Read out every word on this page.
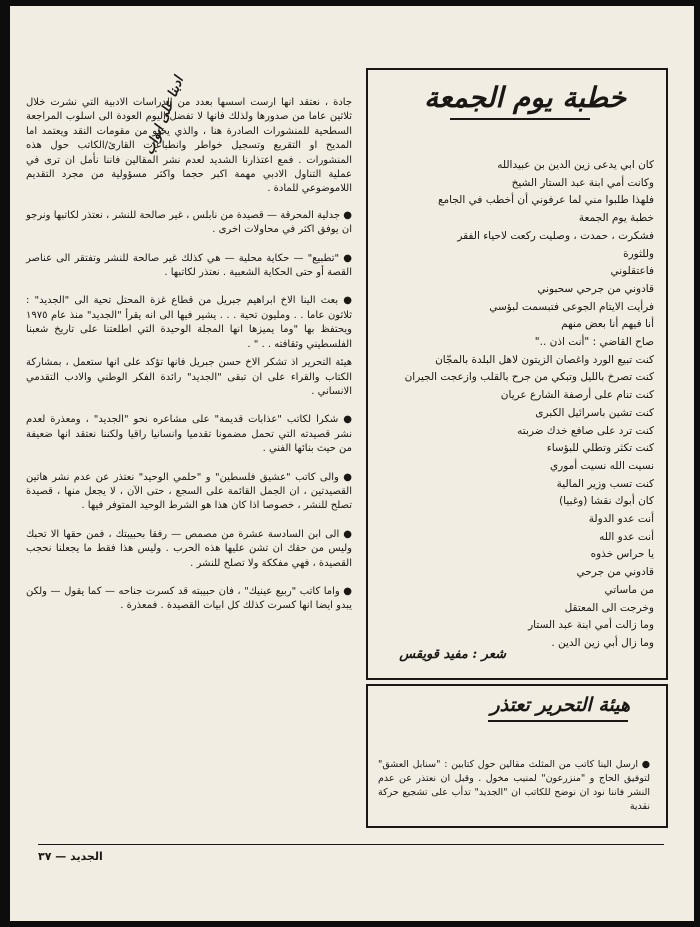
خطبة يوم الجمعة
كان ابي يدعى زين الدين بن عبيدالله
وكانت أمي ابنة عبد الستار الشيخ
فلهذا طلبوا مني لما عرفوني أن أخطب في الجامع
خطبة يوم الجمعة
فشكرت ، حمدت ، وصليت ركعت لاحياء الفقر
وللثورة
فاعتقلوني
قادوني من جرحي سحبوني
فرأيت الايتام الجوعى فتبسمت لبؤسي
أنا فيهم أنا بعض منهم
صاح القاضي : "أنت اذن .."
كنت تبيع الورد واغصان الزيتون لاهل البلدة بالمجّان
كنت تصرخ بالليل وتبكي من جرح بالقلب وازعجت الجيران
كنت تنام على أرصفة الشارع عريان
كنت تشين باسرائيل الكبرى
كنت ترد على صافع خدك ضربته
كنت تكثر وتطلي للبؤساء
نسيت الله نسيت أموري
كنت تسب وزير المالية
كان أبوك نقشا (وغبيا)
أنت عدو الدولة
أنت عدو الله
يا حراس خذوه
قادوني من جرحي
من ماساتي
وخرجت الى المعتقل
وما زالت أمي ابنة عبد الستار
وما زال أبي زين الدين .
شعر : مفيد قويقس
هيئة التحرير تعتذر
● ارسل الينا كاتب من المثلث مقالين حول كتابين : "سنابل العشق" لتوفيق الحاج و "منزرعون" لمنيب مخول . وقبل ان نعتذر عن عدم النشر فاننا نود ان نوضح للكاتب ان "الجديد" تدأب على تشجيع حركة نقدية
ادبنا على ابواب

جادة ، نعتقد انها ارست اسسها بعدد من الدراسات الادبية التي نشرت خلال ثلاثين عاما من صدورها ولذلك فانها لا تفضل اليوم العودة الى اسلوب المراجعة السطحية للمنشورات الصادرة هنا ، والذي يخلو من مقومات النقد ويعتمد اما المديح او التقريع وتسجيل خواطر وانطباعات القارئ/الكاتب حول هذه المنشورات . فمع اعتذارنا الشديد لعدم نشر المقالين فاننا نأمل ان ترى في عملية التناول الادبي مهمة اكبر حجما واكثر مسؤولية من مجرد التقديم اللاموضوعي للمادة .

● جدلية المحرقة — قصيدة من نابلس ، غير صالحة للنشر ، نعتذر لكاتبها ونرجو ان يوفق اكثر في محاولات اخرى .

● "تطبيع" — حكاية محلية — هي كذلك غير صالحة للنشر وتفتقر الى عناصر القصة أو حتى الحكاية الشعبية . نعتذر لكاتبها .

● بعث الينا الاخ ابراهيم جبريل من قطاع غزة المحتل تحية الى "الجديد" : ثلاثون عاما . . ومليون تحية . . . يشير فيها الى انه يقرأ "الجديد" منذ عام ١٩٧٥ ويحتفظ بها "وما يميزها انها المجلة الوحيدة التي اطلعتنا على تاريخ شعبنا الفلسطيني وثقافته . . " .

هيئة التحرير اذ تشكر الاخ حسن جبريل فانها تؤكد على انها ستعمل ، بمشاركة الكتاب والقراء على ان تبقى "الجديد" رائدة الفكر الوطني والادب التقدمي الانساني .

● شكرا لكاتب "عذابات قديمة" على مشاعره نحو "الجديد" ، ومعذرة لعدم نشر قصيدته التي تحمل مضمونا تقدميا وانسانيا راقيا ولكننا نعتقد انها ضعيفة من حيث بنائها الفني .

● والى كاتب "عشيق فلسطين" و "حلمي الوحيد" نعتذر عن عدم نشر هاتين القصيدتين ، ان الجمل القائمة على السجع ، حتى الآن ، لا يجعل منها ، قصيدة تصلح للنشر ، خصوصا اذا كان هذا هو الشرط الوحيد المتوفر فيها .

● الى ابن السادسة عشرة من مصمص — رفقا بحبيبتك ، فمن حقها الا تحبك وليس من حقك ان تشن عليها هذه الحرب . وليس هذا فقط ما يجعلنا نحجب القصيدة ، فهي مفككة ولا تصلح للنشر .

● واما كاتب "ربيع عينيك" ، فان حبيبته قد كسرت جناحه — كما يقول — ولكن يبدو ايضا انها كسرت كذلك كل ابيات القصيدة . فمعذرة .

الجديد — ٣٧
